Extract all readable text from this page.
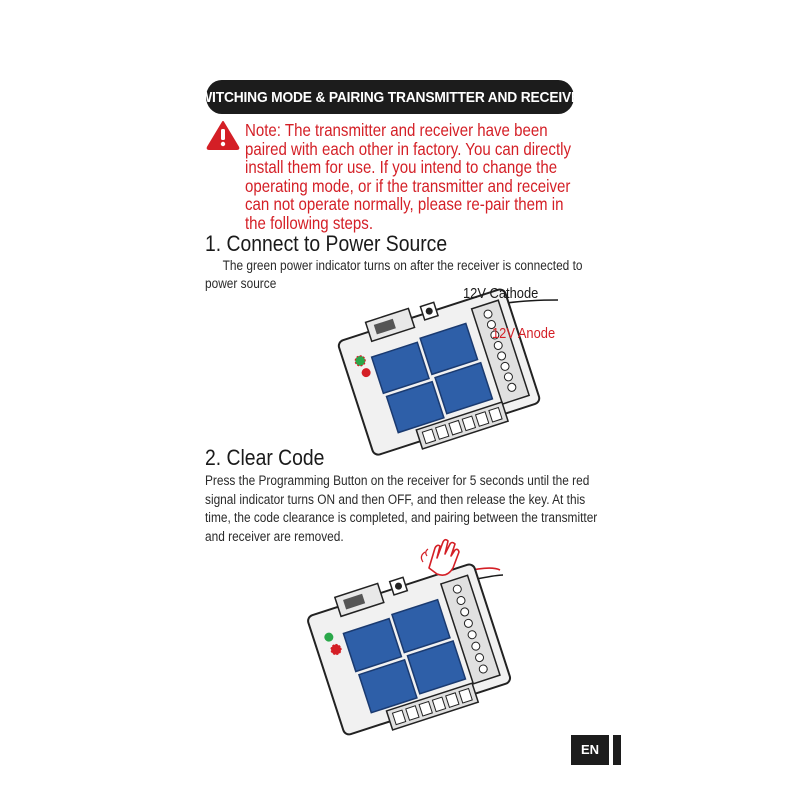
SWITCHING MODE & PAIRING TRANSMITTER AND RECEIVER
Note: The transmitter and receiver have been paired with each other in factory. You can directly install them for use. If you intend to change the operating mode, or if the transmitter and receiver can not operate normally, please re-pair them in the following steps.
1. Connect to Power Source
The green power indicator turns on after the receiver is connected to power source
12V Cathode
12V Anode
2. Clear Code
Press the Programming Button on the receiver for 5 seconds until the red signal indicator turns ON and then OFF, and then release the key. At this time, the code clearance is completed, and pairing between the transmitter and receiver are removed.
EN
